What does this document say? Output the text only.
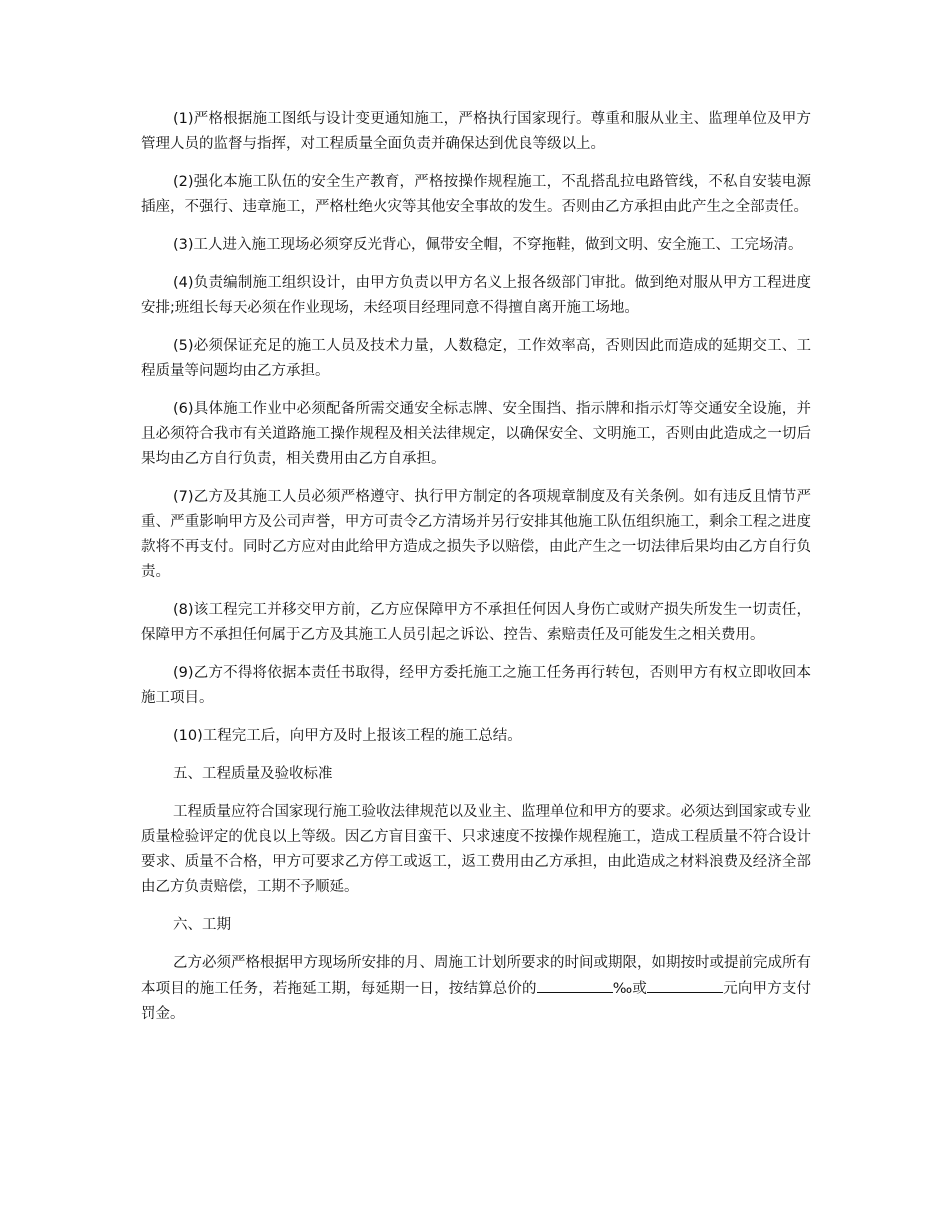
(1)严格根据施工图纸与设计变更通知施工，严格执行国家现行。尊重和服从业主、监理单位及甲方管理人员的监督与指挥，对工程质量全面负责并确保达到优良等级以上。

(2)强化本施工队伍的安全生产教育，严格按操作规程施工，不乱搭乱拉电路管线，不私自安装电源插座，不强行、违章施工，严格杜绝火灾等其他安全事故的发生。否则由乙方承担由此产生之全部责任。

(3)工人进入施工现场必须穿反光背心，佩带安全帽，不穿拖鞋，做到文明、安全施工、工完场清。

(4)负责编制施工组织设计，由甲方负责以甲方名义上报各级部门审批。做到绝对服从甲方工程进度安排;班组长每天必须在作业现场，未经项目经理同意不得擅自离开施工场地。

(5)必须保证充足的施工人员及技术力量，人数稳定，工作效率高，否则因此而造成的延期交工、工程质量等问题均由乙方承担。

(6)具体施工作业中必须配备所需交通安全标志牌、安全围挡、指示牌和指示灯等交通安全设施，并且必须符合我市有关道路施工操作规程及相关法律规定，以确保安全、文明施工，否则由此造成之一切后果均由乙方自行负责，相关费用由乙方自承担。

(7)乙方及其施工人员必须严格遵守、执行甲方制定的各项规章制度及有关条例。如有违反且情节严重、严重影响甲方及公司声誉，甲方可责令乙方清场并另行安排其他施工队伍组织施工，剩余工程之进度款将不再支付。同时乙方应对由此给甲方造成之损失予以赔偿，由此产生之一切法律后果均由乙方自行负责。

(8)该工程完工并移交甲方前，乙方应保障甲方不承担任何因人身伤亡或财产损失所发生一切责任，保障甲方不承担任何属于乙方及其施工人员引起之诉讼、控告、索赔责任及可能发生之相关费用。

(9)乙方不得将依据本责任书取得，经甲方委托施工之施工任务再行转包，否则甲方有权立即收回本施工项目。

(10)工程完工后，向甲方及时上报该工程的施工总结。

五、工程质量及验收标准

工程质量应符合国家现行施工验收法律规范以及业主、监理单位和甲方的要求。必须达到国家或专业质量检验评定的优良以上等级。因乙方盲目蛮干、只求速度不按操作规程施工，造成工程质量不符合设计要求、质量不合格，甲方可要求乙方停工或返工，返工费用由乙方承担，由此造成之材料浪费及经济全部由乙方负责赔偿，工期不予顺延。

六、工期

乙方必须严格根据甲方现场所安排的月、周施工计划所要求的时间或期限，如期按时或提前完成所有本项目的施工任务，若拖延工期，每延期一日，按结算总价的	‰或	元向甲方支付罚金。
